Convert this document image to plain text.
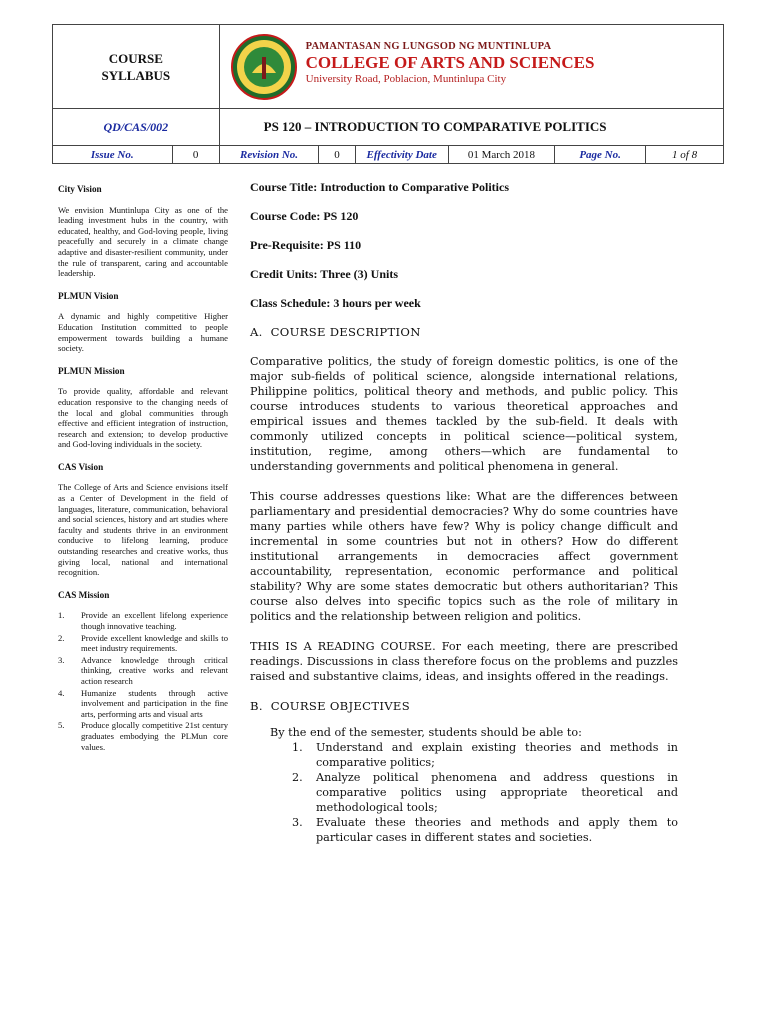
COURSE SYLLABUS		PAMANTASAN NG LUNGSOD NG MUNTINLUPA
COLLEGE OF ARTS AND SCIENCES
University Road, Poblacion, Muntinlupa City					

QD/CAS/002		PS 120 – INTRODUCTION TO COMPARATIVE POLITICS					
Issue No.	0	Revision No.	0	Effectivity Date	01 March 2018	Page No.	1 of 8
City Vision

We envision Muntinlupa City as one of the leading investment hubs in the country, with educated, healthy, and God-loving people, living peacefully and securely in a climate change adaptive and disaster-resilient community, under the rule of transparent, caring and accountable leadership.

PLMUN Vision

A dynamic and highly competitive Higher Education Institution committed to people empowerment towards building a humane society.

PLMUN Mission

To provide quality, affordable and relevant education responsive to the changing needs of the local and global communities through effective and efficient integration of instruction, research and extension; to develop productive and God-loving individuals in the society.

CAS Vision

The College of Arts and Science envisions itself as a Center of Development in the field of languages, literature, communication, behavioral and social sciences, history and art studies where faculty and students thrive in an environment conducive to lifelong learning, produce outstanding researches and creative works, thus giving local, national and international recognition.

CAS Mission
1.	Provide an excellent lifelong experience though innovative teaching.
2.	Provide excellent knowledge and skills to meet industry requirements.
3.	Advance knowledge through critical thinking, creative works and relevant action research
4.	Humanize students through active involvement and participation in the fine arts, performing arts and visual arts
5.	Produce glocally competitive 21st century graduates embodying the PLMun core values.
Course Title: Introduction to Comparative Politics
Course Code: PS 120
Pre-Requisite: PS 110
Credit Units: Three (3) Units
Class Schedule: 3 hours per week
A.  COURSE DESCRIPTION

Comparative politics, the study of foreign domestic politics, is one of the major sub-fields of political science, alongside international relations, Philippine politics, political theory and methods, and public policy. This course introduces students to various theoretical approaches and empirical issues and themes tackled by the sub-field. It deals with commonly utilized concepts in political science—political system, institution, regime, among others—which are fundamental to understanding governments and political phenomena in general.

This course addresses questions like: What are the differences between parliamentary and presidential democracies? Why do some countries have many parties while others have few? Why is policy change difficult and incremental in some countries but not in others? How do different institutional arrangements in democracies affect government accountability, representation, economic performance and political stability? Why are some states democratic but others authoritarian? This course also delves into specific topics such as the role of military in politics and the relationship between religion and politics.

THIS IS A READING COURSE. For each meeting, there are prescribed readings. Discussions in class therefore focus on the problems and puzzles raised and substantive claims, ideas, and insights offered in the readings.

B.  COURSE OBJECTIVES

By the end of the semester, students should be able to:

1.	Understand and explain existing theories and methods in comparative politics;
2.	Analyze political phenomena and address questions in comparative politics using appropriate theoretical and methodological tools;
3.	Evaluate these theories and methods and apply them to particular cases in different states and societies.
